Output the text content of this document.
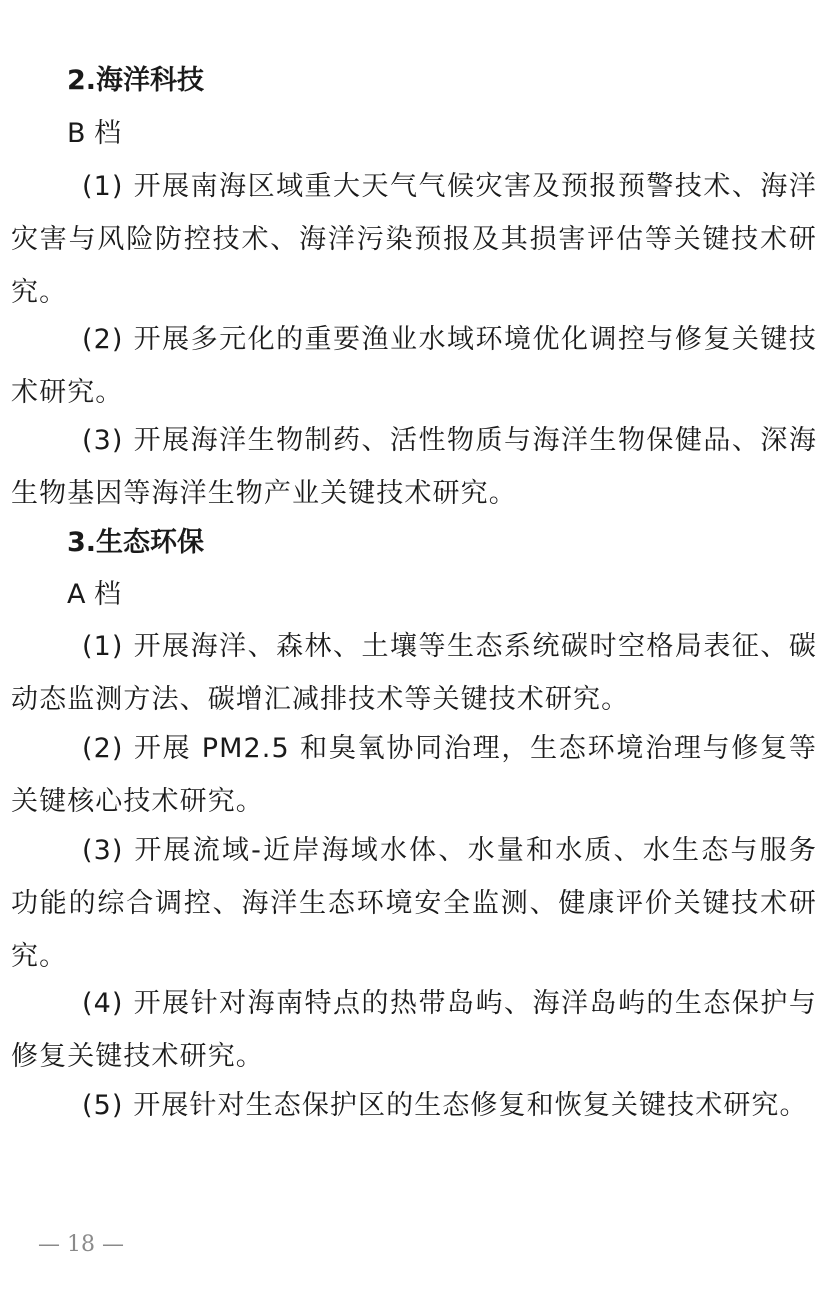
2.海洋科技
B 档

(1) 开展南海区域重大天气气候灾害及预报预警技术、海洋灾害与风险防控技术、海洋污染预报及其损害评估等关键技术研究。

(2) 开展多元化的重要渔业水域环境优化调控与修复关键技术研究。

(3) 开展海洋生物制药、活性物质与海洋生物保健品、深海生物基因等海洋生物产业关键技术研究。

3.生态环保
A 档

(1) 开展海洋、森林、土壤等生态系统碳时空格局表征、碳动态监测方法、碳增汇减排技术等关键技术研究。

(2) 开展 PM2.5 和臭氧协同治理，生态环境治理与修复等关键核心技术研究。

(3) 开展流域-近岸海域水体、水量和水质、水生态与服务功能的综合调控、海洋生态环境安全监测、健康评价关键技术研究。

(4) 开展针对海南特点的热带岛屿、海洋岛屿的生态保护与修复关键技术研究。

(5) 开展针对生态保护区的生态修复和恢复关键技术研究。

— 18 —
